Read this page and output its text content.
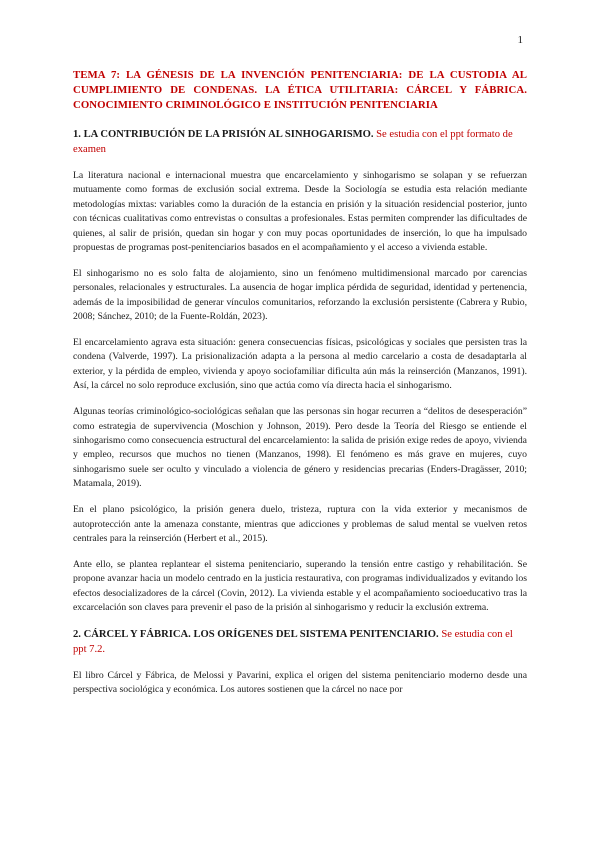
1
TEMA 7: LA GÉNESIS DE LA INVENCIÓN PENITENCIARIA: DE LA CUSTODIA AL CUMPLIMIENTO DE CONDENAS. LA ÉTICA UTILITARIA: CÁRCEL Y FÁBRICA. CONOCIMIENTO CRIMINOLÓGICO E INSTITUCIÓN PENITENCIARIA
1. LA CONTRIBUCIÓN DE LA PRISIÓN AL SINHOGARISMO. Se estudia con el ppt formato de examen

La literatura nacional e internacional muestra que encarcelamiento y sinhogarismo se solapan y se refuerzan mutuamente como formas de exclusión social extrema. Desde la Sociología se estudia esta relación mediante metodologías mixtas: variables como la duración de la estancia en prisión y la situación residencial posterior, junto con técnicas cualitativas como entrevistas o consultas a profesionales. Estas permiten comprender las dificultades de quienes, al salir de prisión, quedan sin hogar y con muy pocas oportunidades de inserción, lo que ha impulsado propuestas de programas post-penitenciarios basados en el acompañamiento y el acceso a vivienda estable.

El sinhogarismo no es solo falta de alojamiento, sino un fenómeno multidimensional marcado por carencias personales, relacionales y estructurales. La ausencia de hogar implica pérdida de seguridad, identidad y pertenencia, además de la imposibilidad de generar vínculos comunitarios, reforzando la exclusión persistente (Cabrera y Rubio, 2008; Sánchez, 2010; de la Fuente-Roldán, 2023).

El encarcelamiento agrava esta situación: genera consecuencias físicas, psicológicas y sociales que persisten tras la condena (Valverde, 1997). La prisionalización adapta a la persona al medio carcelario a costa de desadaptarla al exterior, y la pérdida de empleo, vivienda y apoyo sociofamiliar dificulta aún más la reinserción (Manzanos, 1991). Así, la cárcel no solo reproduce exclusión, sino que actúa como vía directa hacia el sinhogarismo.

Algunas teorías criminológico-sociológicas señalan que las personas sin hogar recurren a “delitos de desesperación” como estrategia de supervivencia (Moschion y Johnson, 2019). Pero desde la Teoría del Riesgo se entiende el sinhogarismo como consecuencia estructural del encarcelamiento: la salida de prisión exige redes de apoyo, vivienda y empleo, recursos que muchos no tienen (Manzanos, 1998). El fenómeno es más grave en mujeres, cuyo sinhogarismo suele ser oculto y vinculado a violencia de género y residencias precarias (Enders-Dragässer, 2010; Matamala, 2019).

En el plano psicológico, la prisión genera duelo, tristeza, ruptura con la vida exterior y mecanismos de autoprotección ante la amenaza constante, mientras que adicciones y problemas de salud mental se vuelven retos centrales para la reinserción (Herbert et al., 2015).

Ante ello, se plantea replantear el sistema penitenciario, superando la tensión entre castigo y rehabilitación. Se propone avanzar hacia un modelo centrado en la justicia restaurativa, con programas individualizados y evitando los efectos desocializadores de la cárcel (Covin, 2012). La vivienda estable y el acompañamiento socioeducativo tras la excarcelación son claves para prevenir el paso de la prisión al sinhogarismo y reducir la exclusión extrema.

2. CÁRCEL Y FÁBRICA. LOS ORÍGENES DEL SISTEMA PENITENCIARIO. Se estudia con el ppt 7.2.

El libro Cárcel y Fábrica, de Melossi y Pavarini, explica el origen del sistema penitenciario moderno desde una perspectiva sociológica y económica. Los autores sostienen que la cárcel no nace por
